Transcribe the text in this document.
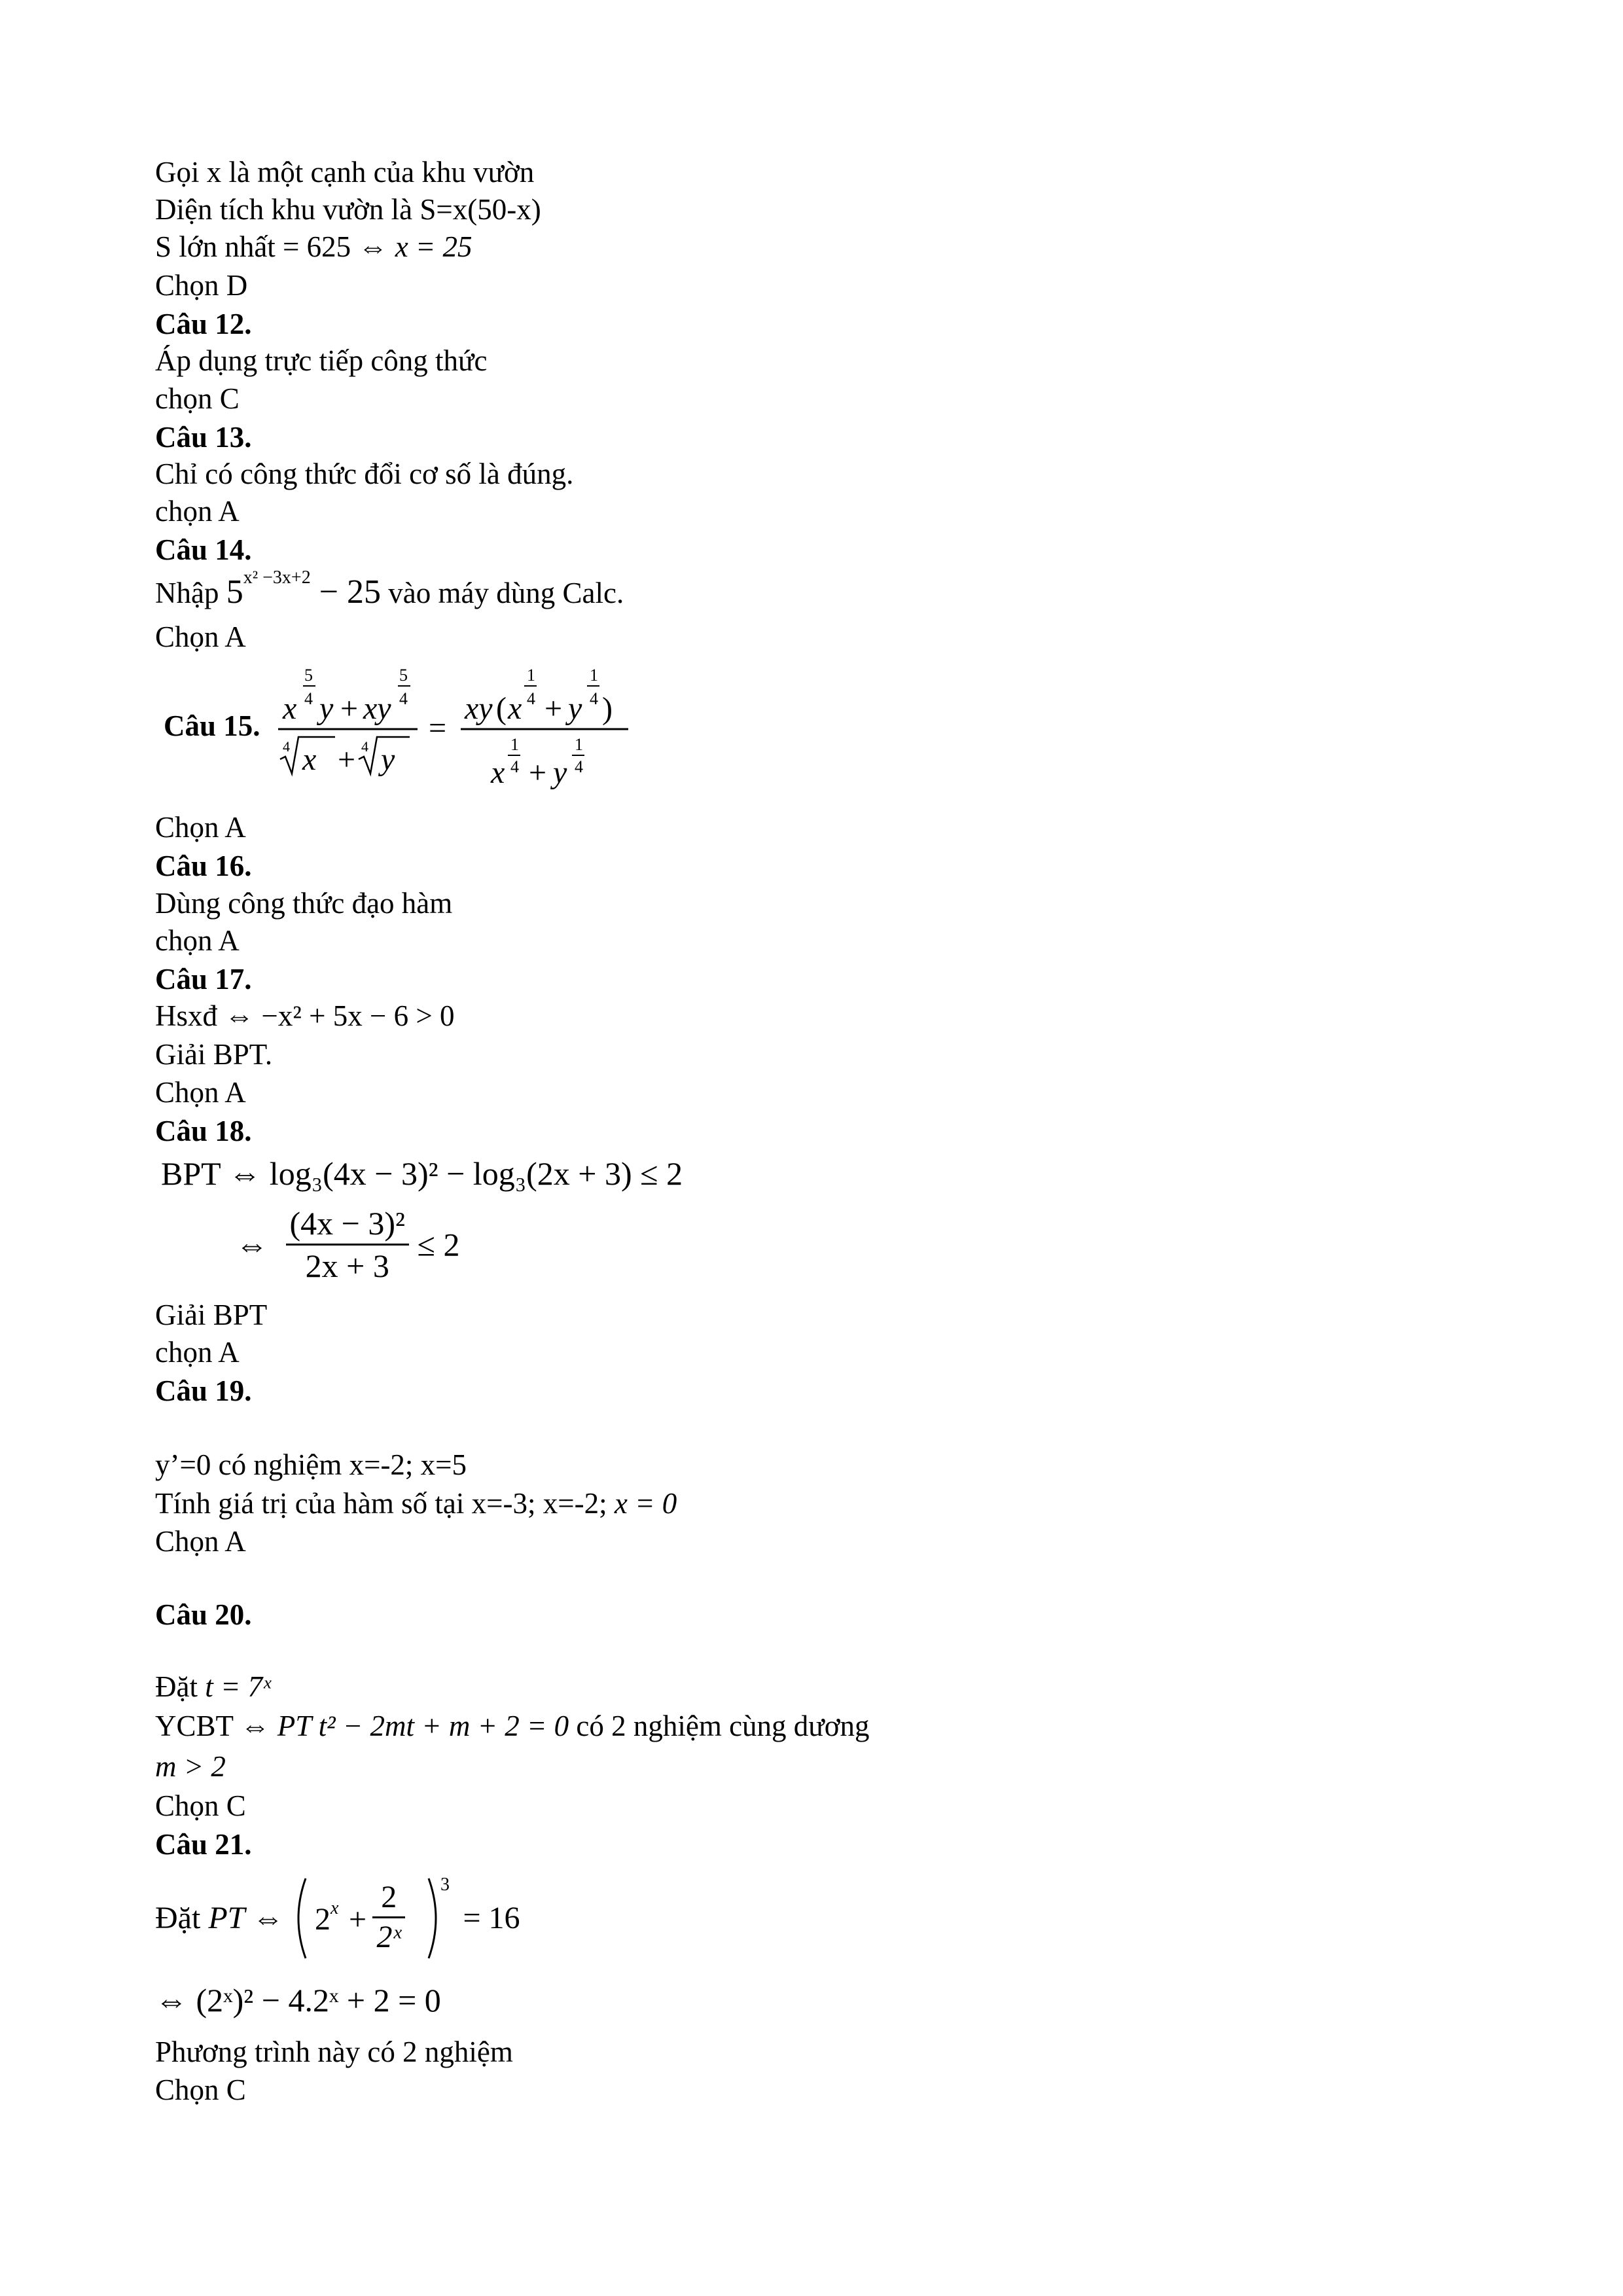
Gọi x là một cạnh của khu vườn
Diện tích khu vườn là S=x(50-x)
S lớn nhất = 625 ⇔ x = 25
Chọn D
Câu 12.
Áp dụng trực tiếp công thức
chọn C
Câu 13.
Chỉ có công thức đổi cơ số là đúng.
chọn A
Câu 14.
Nhập $5^{x^2 -3x+2} - 25$ vào máy dùng Calc.
Chọn A
Câu 15. x
5
4 y + xy
5
4
4 x + 4 y
=
xy ( x
1
4 + y
1
4 )
x
1
4 + y
1
4
Chọn A
Câu 16.
Dùng công thức đạo hàm
chọn A
Câu 17.
Hsxđ ⇔ −x² + 5x − 6 > 0
Giải BPT.
Chọn A
Câu 18.
BPT ⇔ log₃(4x − 3)² − log₃(2x + 3) ≤ 2
⇔ $\frac{\text{(4x − 3)²}}{2x + 3} \le 2$
Giải BPT
chọn A
Câu 19.
y’=0 có nghiệm x=-2; x=5
Tính giá trị của hàm số tại x=-3; x=-2; x = 0
Chọn A
Câu 20.
Đặt t = 7ˣ
YCBT ⇔ PT t² − 2mt + m + 2 = 0 có 2 nghiệm cùng dương
m > 2
Chọn C
Câu 21.
Đặt PT ⇔
3
2 $x + \frac{2}{\text{2ˣ}} = 16$
⇔ (2ˣ)² − 4.2ˣ + 2 = 0
Phương trình này có 2 nghiệm
Chọn C
